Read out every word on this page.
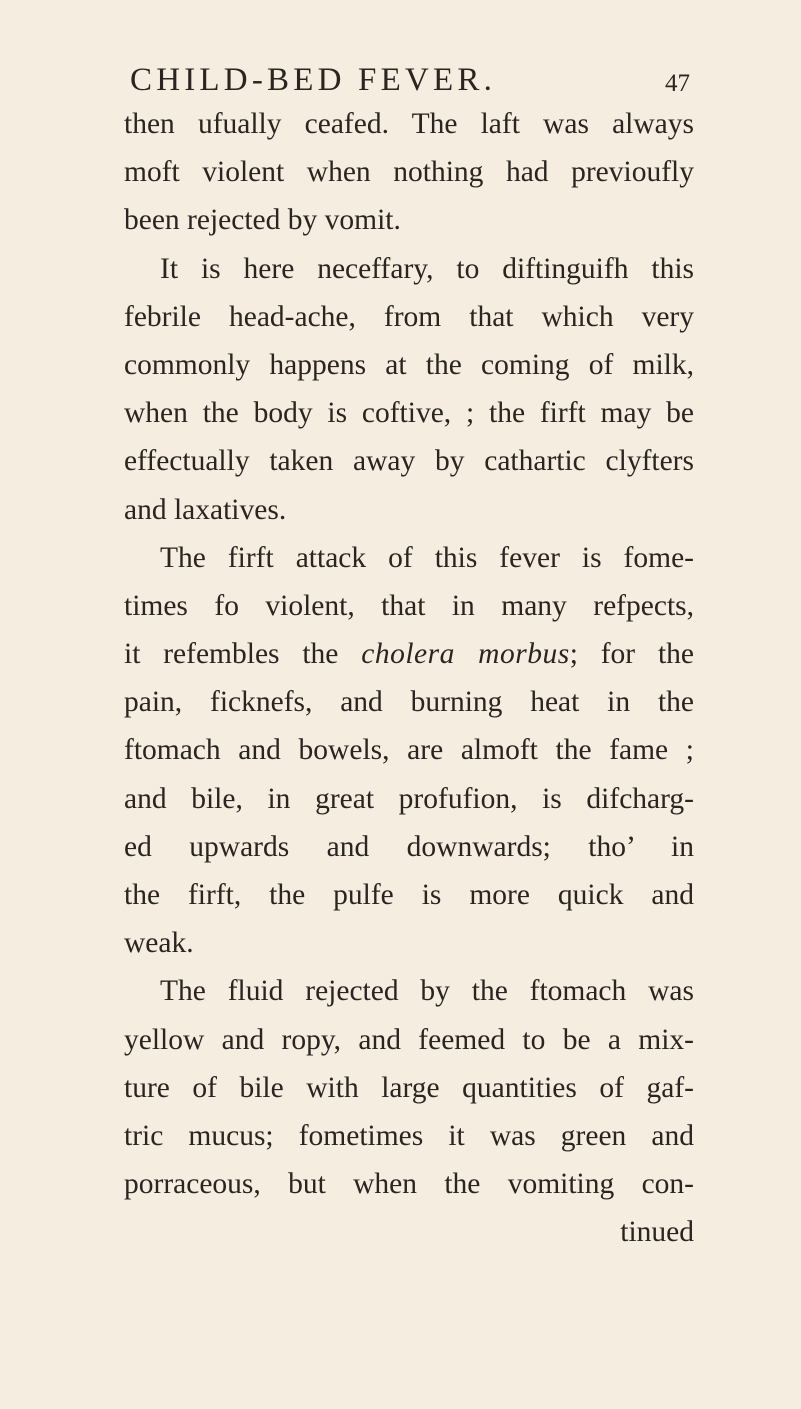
CHILD-BED FEVER.	47
then ufually ceafed. The laft was always
moft violent when nothing had previoufly
been rejected by vomit.
It is here neceffary, to diftinguifh this
febrile head-ache, from that which very
commonly happens at the coming of milk,
when the body is coftive, ; the firft may be
effectually taken away by cathartic clyfters
and laxatives.
The firft attack of this fever is fome-
times fo violent, that in many refpects,
it refembles the cholera morbus; for the
pain, ficknefs, and burning heat in the
ftomach and bowels, are almoft the fame ;
and bile, in great profufion, is difcharg-
ed upwards and downwards; tho’ in
the firft, the pulfe is more quick and
weak.
The fluid rejected by the ftomach was
yellow and ropy, and feemed to be a mix-
ture of bile with large quantities of gaf-
tric mucus; fometimes it was green and
porraceous, but when the vomiting con-
tinued
